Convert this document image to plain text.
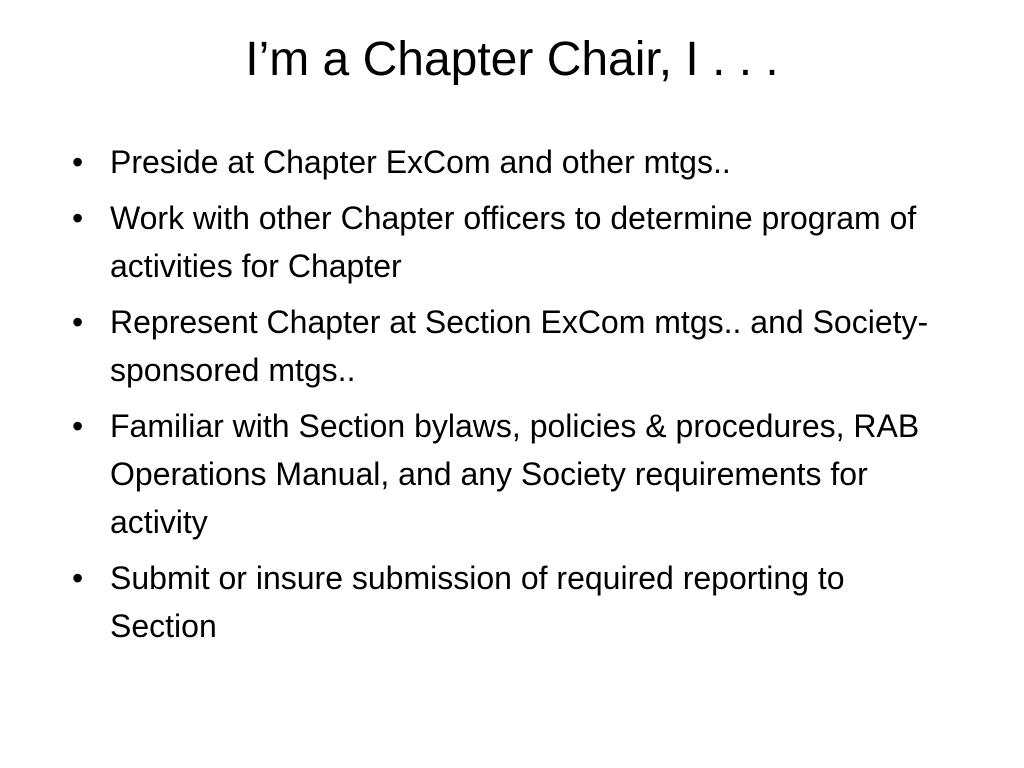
I’m a Chapter Chair, I . . .
• Preside at Chapter ExCom and other mtgs..
• Work with other Chapter officers to determine program of activities for Chapter
• Represent Chapter at Section ExCom mtgs.. and Society-sponsored mtgs..
• Familiar with Section bylaws, policies & procedures, RAB Operations Manual, and any Society requirements for activity
• Submit or insure submission of required reporting to Section
